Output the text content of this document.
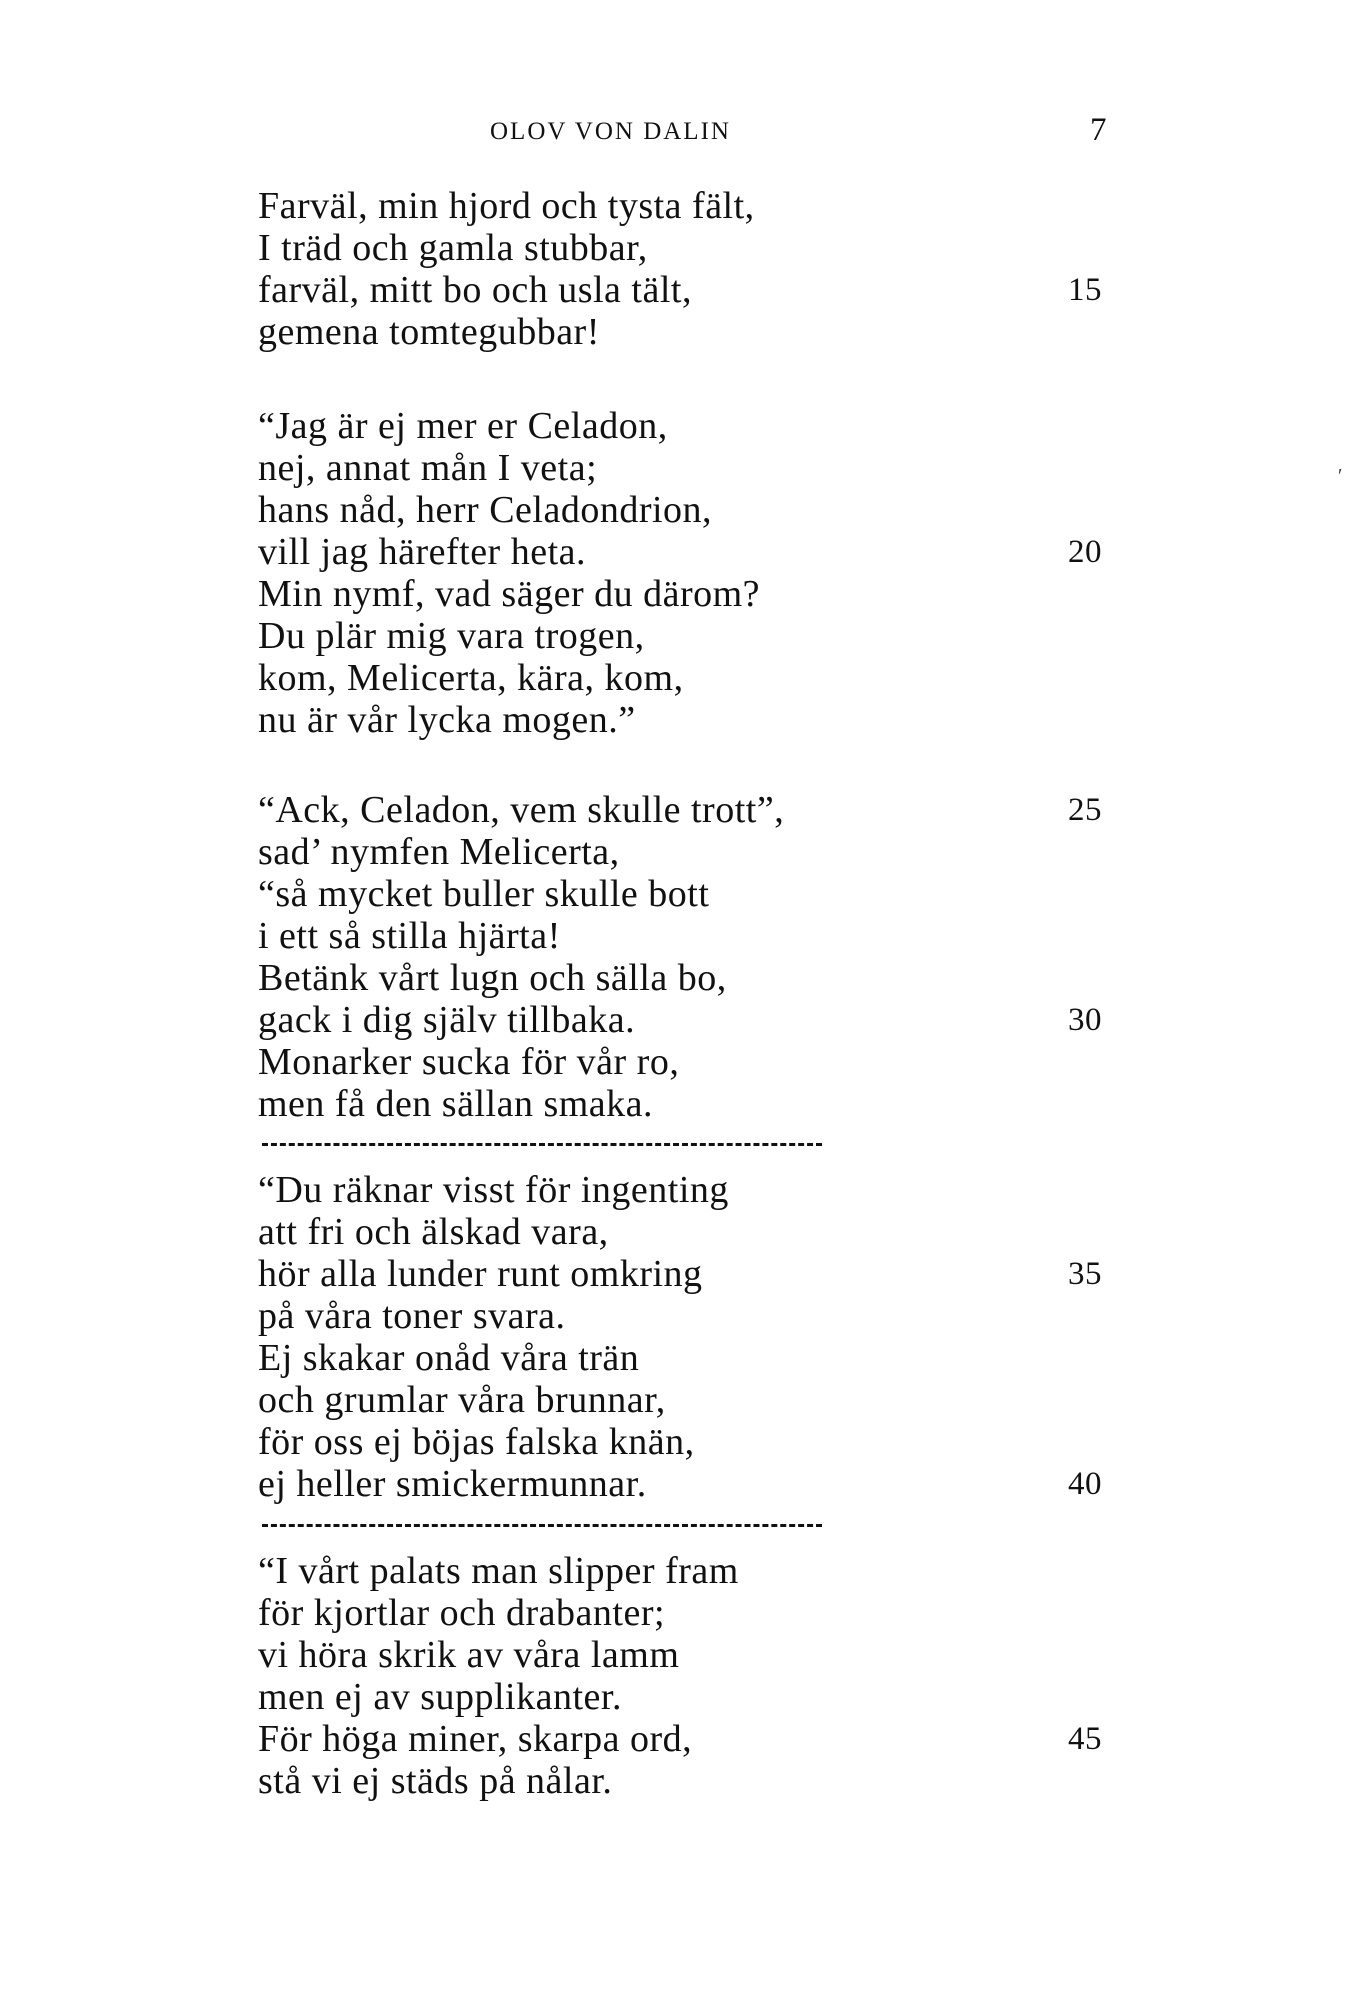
OLOV VON DALIN	7
′
Farväl, min hjord och tysta fält,
I träd och gamla stubbar,
farväl, mitt bo och usla tält,	15
gemena tomtegubbar!
“Jag är ej mer er Celadon,
nej, annat mån I veta;
hans nåd, herr Celadondrion,
vill jag härefter heta.	20
Min nymf, vad säger du därom?
Du plär mig vara trogen,
kom, Melicerta, kära, kom,
nu är vår lycka mogen.”
“Ack, Celadon, vem skulle trott”,	25
sad’ nymfen Melicerta,
“så mycket buller skulle bott
i ett så stilla hjärta!
Betänk vårt lugn och sälla bo,
gack i dig själv tillbaka.	30
Monarker sucka för vår ro,
men få den sällan smaka.
“Du räknar visst för ingenting
att fri och älskad vara,
hör alla lunder runt omkring	35
på våra toner svara.
Ej skakar onåd våra trän
och grumlar våra brunnar,
för oss ej böjas falska knän,
ej heller smickermunnar.	40
“I vårt palats man slipper fram
för kjortlar och drabanter;
vi höra skrik av våra lamm
men ej av supplikanter.
För höga miner, skarpa ord,	45
stå vi ej städs på nålar.
